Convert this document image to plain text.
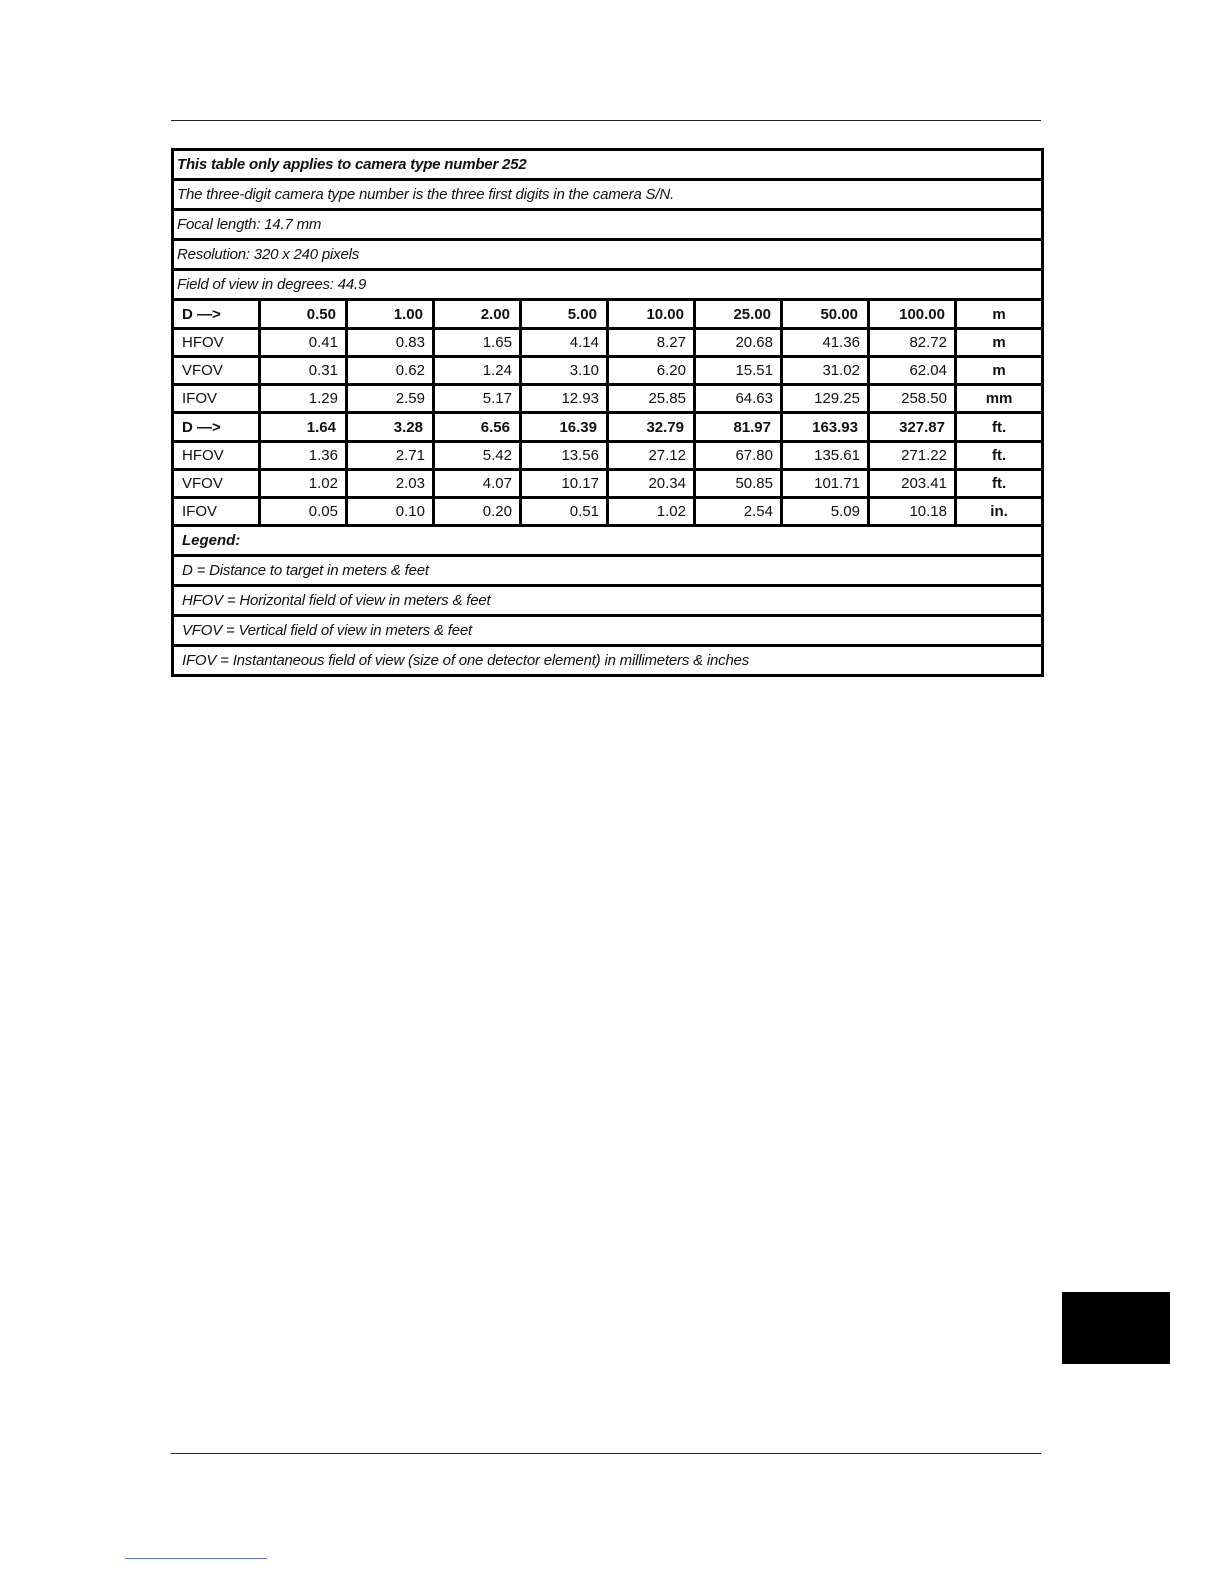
This table only applies to camera type number 252									
The three-digit camera type number is the three first digits in the camera S/N.									
Focal length: 14.7 mm									
Resolution: 320 x 240 pixels									
Field of view in degrees: 44.9									
D —>	0.50	1.00	2.00	5.00	10.00	25.00	50.00	100.00	m
HFOV	0.41	0.83	1.65	4.14	8.27	20.68	41.36	82.72	m
VFOV	0.31	0.62	1.24	3.10	6.20	15.51	31.02	62.04	m
IFOV	1.29	2.59	5.17	12.93	25.85	64.63	129.25	258.50	mm
D —>	1.64	3.28	6.56	16.39	32.79	81.97	163.93	327.87	ft.
HFOV	1.36	2.71	5.42	13.56	27.12	67.80	135.61	271.22	ft.
VFOV	1.02	2.03	4.07	10.17	20.34	50.85	101.71	203.41	ft.
IFOV	0.05	0.10	0.20	0.51	1.02	2.54	5.09	10.18	in.
Legend:									
D = Distance to target in meters & feet									
HFOV = Horizontal field of view in meters & feet									
VFOV = Vertical field of view in meters & feet									
IFOV = Instantaneous field of view (size of one detector element) in millimeters & inches									
